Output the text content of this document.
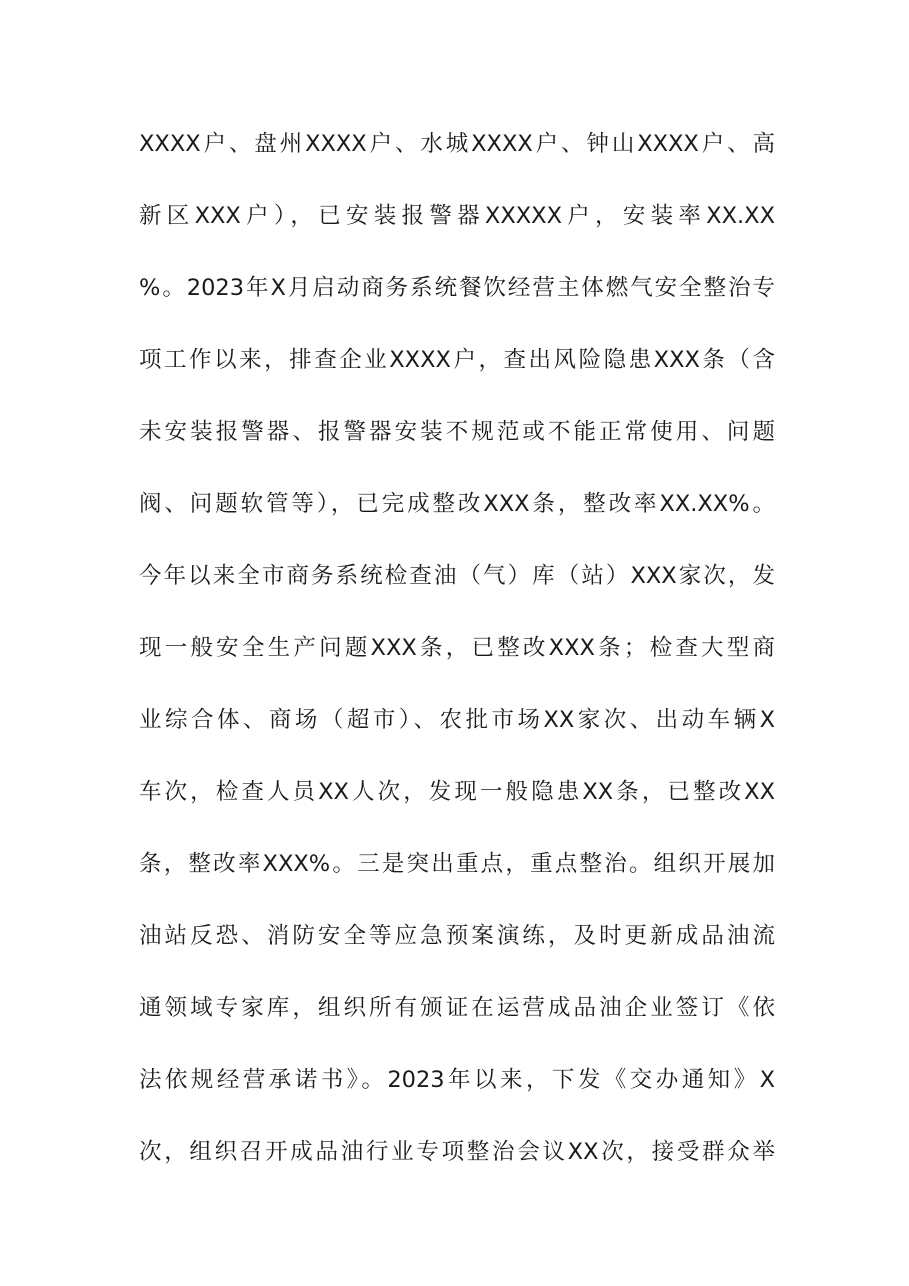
XXXX户、盘州XXXX户、水城XXXX户、钟山XXXX户、高
新区XXX户），已安装报警器XXXXX户，安装率XX.XX
%。2023年X月启动商务系统餐饮经营主体燃气安全整治专
项工作以来，排查企业XXXX户，查出风险隐患XXX条（含
未安装报警器、报警器安装不规范或不能正常使用、问题
阀、问题软管等），已完成整改XXX条，整改率XX.XX%。
今年以来全市商务系统检查油（气）库（站）XXX家次，发
现一般安全生产问题XXX条，已整改XXX条；检查大型商
业综合体、商场（超市）、农批市场XX家次、出动车辆X
车次，检查人员XX人次，发现一般隐患XX条，已整改XX
条，整改率XXX%。三是突出重点，重点整治。组织开展加
油站反恐、消防安全等应急预案演练，及时更新成品油流
通领域专家库，组织所有颁证在运营成品油企业签订《依
法依规经营承诺书》。2023年以来，下发《交办通知》X
次，组织召开成品油行业专项整治会议XX次，接受群众举
